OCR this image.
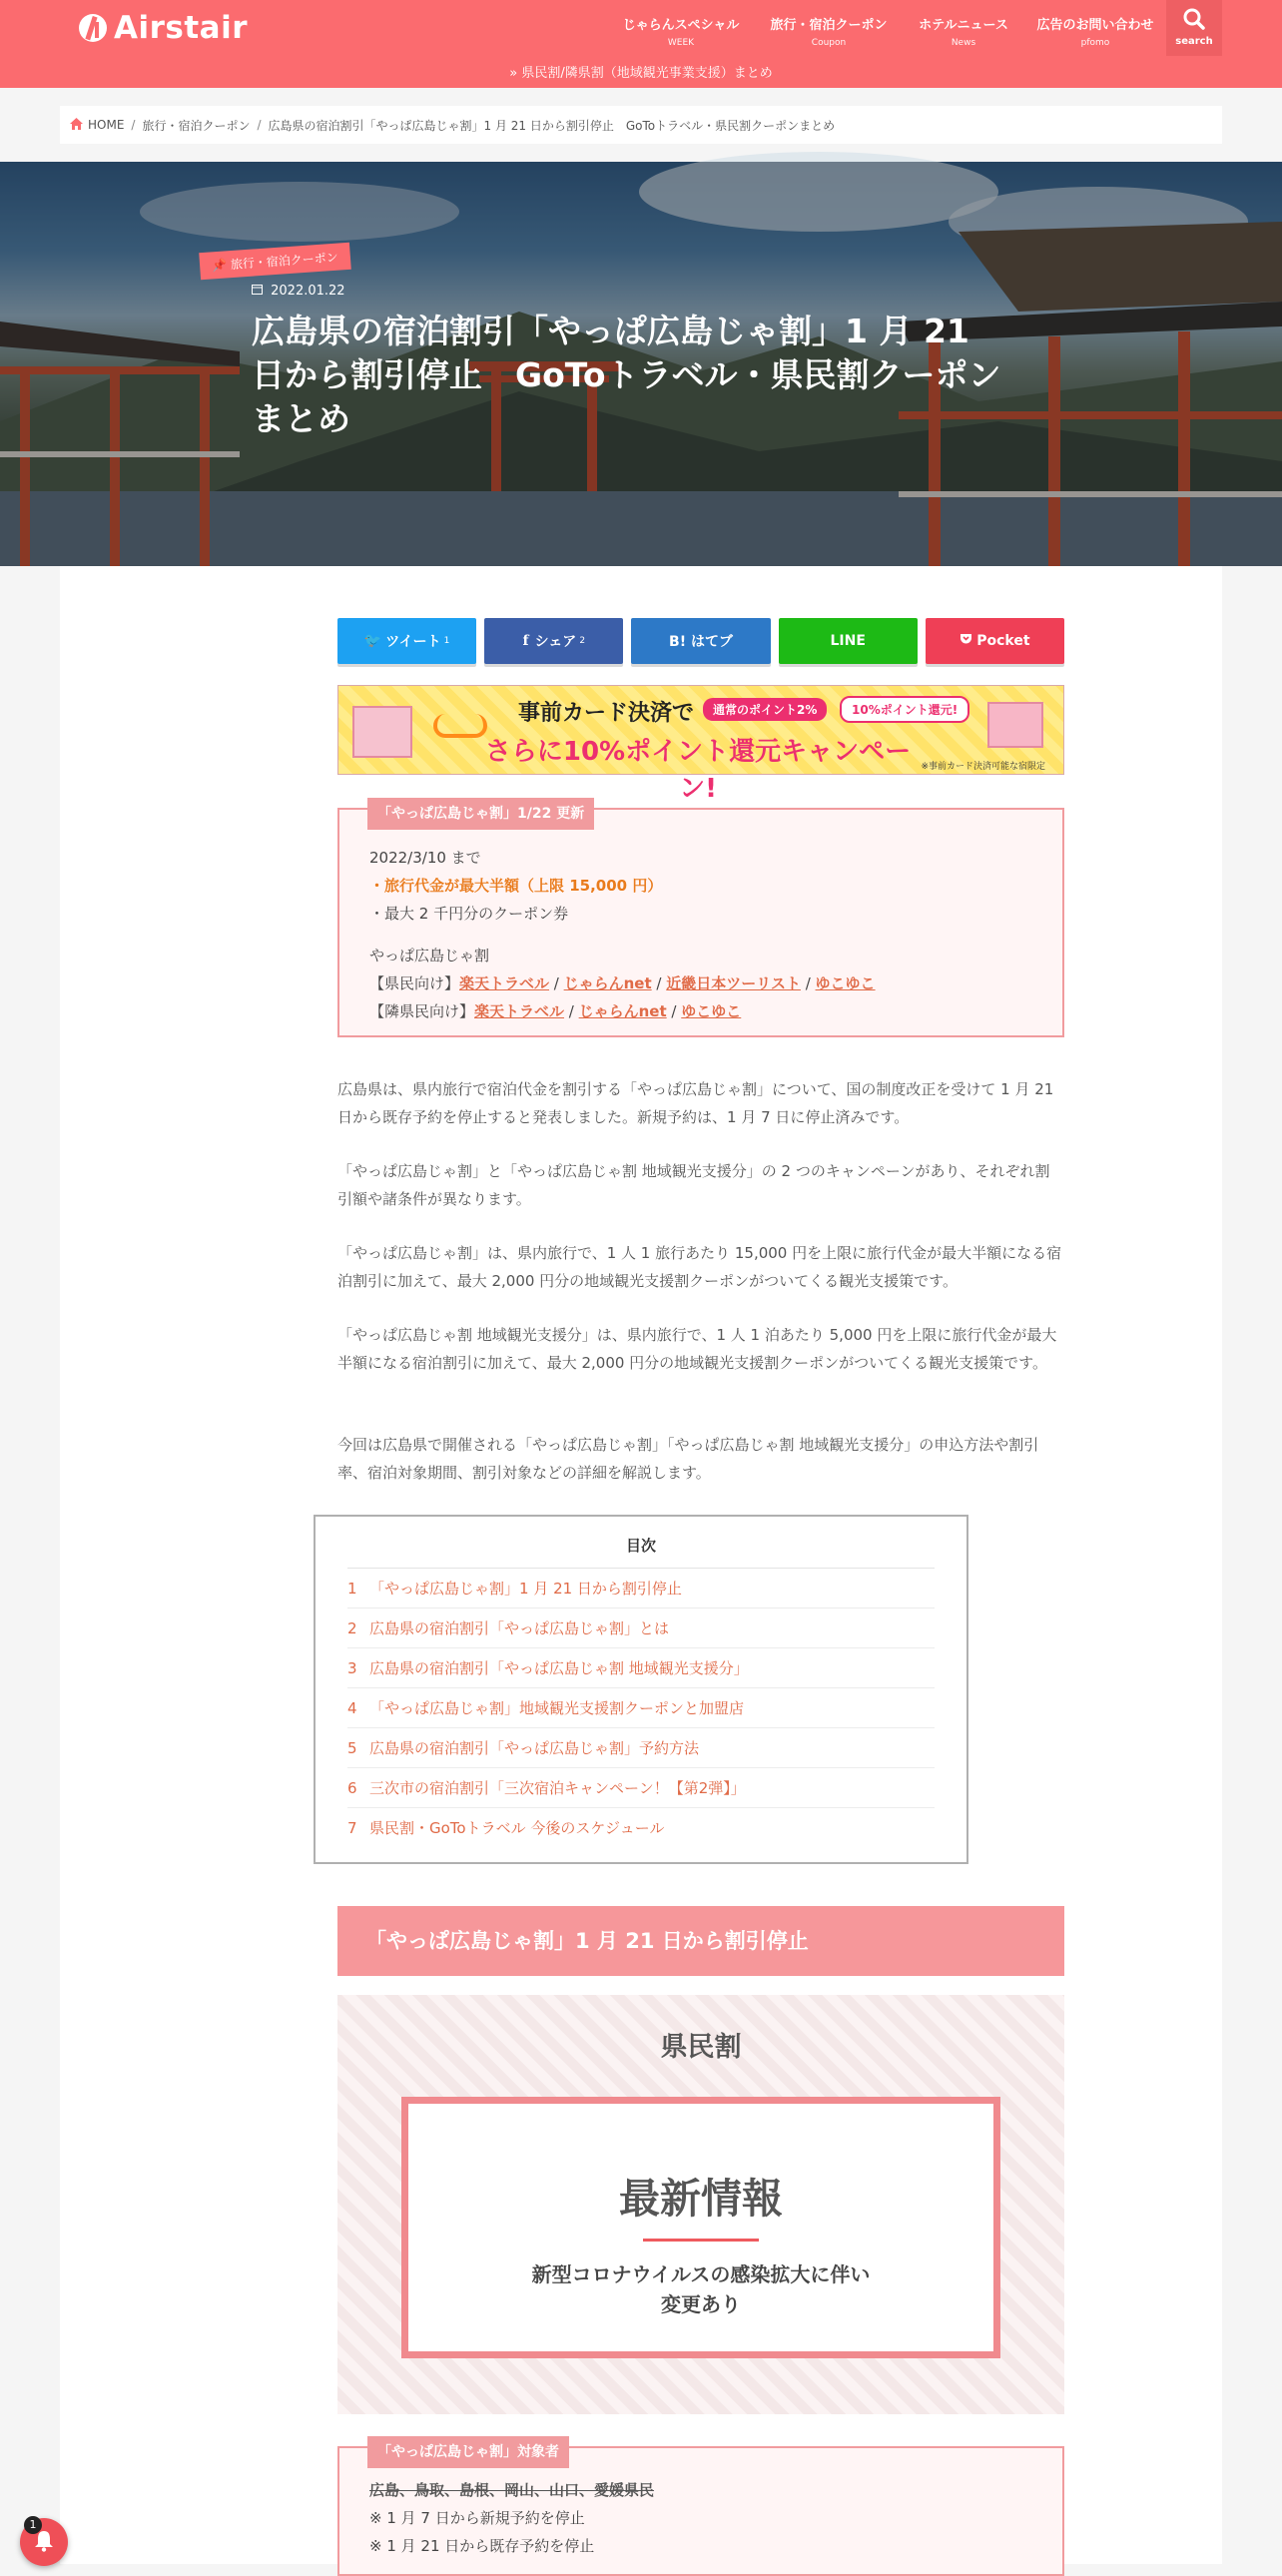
Airstair	じゃらんスペシャル
WEEK
旅行・宿泊クーポン
Coupon
ホテルニュース
News
広告のお問い合わせ
pfomo	search
» 県民割/隣県割（地域観光事業支援）まとめ
HOME / 旅行・宿泊クーポン / 広島県の宿泊割引「やっぱ広島じゃ割」1 月 21 日から割引停止　GoToトラベル・県民割クーポンまとめ
📌 旅行・宿泊クーポン
2022.01.22
広島県の宿泊割引「やっぱ広島じゃ割」1 月 21 日から割引停止　GoToトラベル・県民割クーポンまとめ
🐦 ツイート 1	f シェア 2	B! はてブ	LINE	Pocket
事前カード決済で
さらに10%ポイント還元キャンペーン!
通常のポイント2%	10%ポイント還元!
※事前カード決済可能な宿限定
「やっぱ広島じゃ割」1/22 更新
2022/3/10 まで
・旅行代金が最大半額（上限 15,000 円）
・最大 2 千円分のクーポン券
やっぱ広島じゃ割
【県民向け】楽天トラベル / じゃらんnet / 近畿日本ツーリスト / ゆこゆこ
【隣県民向け】楽天トラベル / じゃらんnet / ゆこゆこ

広島県は、県内旅行で宿泊代金を割引する「やっぱ広島じゃ割」について、国の制度改正を受けて 1 月 21 日から既存予約を停止すると発表しました。新規予約は、1 月 7 日に停止済みです。

「やっぱ広島じゃ割」と「やっぱ広島じゃ割 地域観光支援分」の 2 つのキャンペーンがあり、それぞれ割引額や諸条件が異なります。

「やっぱ広島じゃ割」は、県内旅行で、1 人 1 旅行あたり 15,000 円を上限に旅行代金が最大半額になる宿泊割引に加えて、最大 2,000 円分の地域観光支援割クーポンがついてくる観光支援策です。

「やっぱ広島じゃ割 地域観光支援分」は、県内旅行で、1 人 1 泊あたり 5,000 円を上限に旅行代金が最大半額になる宿泊割引に加えて、最大 2,000 円分の地域観光支援割クーポンがついてくる観光支援策です。

今回は広島県で開催される「やっぱ広島じゃ割」「やっぱ広島じゃ割 地域観光支援分」の申込方法や割引率、宿泊対象期間、割引対象などの詳細を解説します。

目次
1 「やっぱ広島じゃ割」1 月 21 日から割引停止
2 広島県の宿泊割引「やっぱ広島じゃ割」とは
3 広島県の宿泊割引「やっぱ広島じゃ割 地域観光支援分」
4 「やっぱ広島じゃ割」地域観光支援割クーポンと加盟店
5 広島県の宿泊割引「やっぱ広島じゃ割」予約方法
6 三次市の宿泊割引「三次宿泊キャンペーン！【第2弾】」
7 県民割・GoToトラベル 今後のスケジュール
「やっぱ広島じゃ割」1 月 21 日から割引停止
県民割
最新情報
新型コロナウイルスの感染拡大に伴い
変更あり
「やっぱ広島じゃ割」対象者
広島、鳥取、島根、岡山、山口、愛媛県民
※ 1 月 7 日から新規予約を停止
※ 1 月 21 日から既存予約を停止
1
